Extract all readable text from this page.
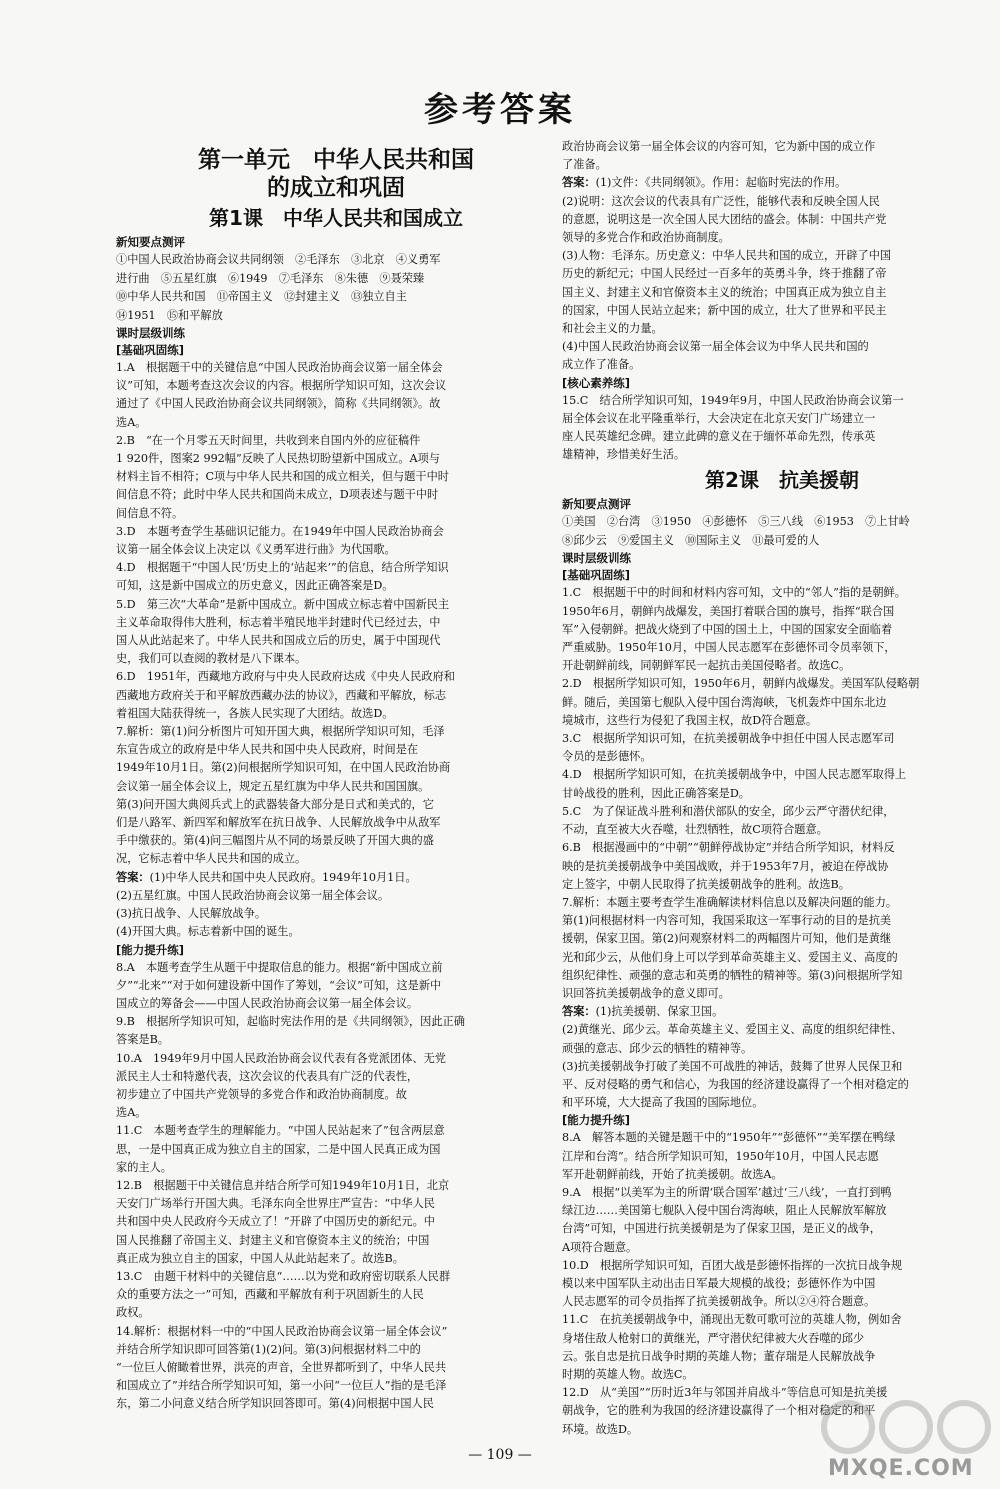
参考答案
第一单元　中华人民共和国
的成立和巩固
第1课　中华人民共和国成立
新知要点测评
①中国人民政治协商会议共同纲领　②毛泽东　③北京　④义勇军
进行曲　⑤五星红旗　⑥1949　⑦毛泽东　⑧朱德　⑨聂荣臻
⑩中华人民共和国　⑪帝国主义　⑫封建主义　⑬独立自主
⑭1951　⑮和平解放
课时层级训练
[基础巩固练]
1.A　根据题干中的关键信息“中国人民政治协商会议第一届全体会
议”可知，本题考查这次会议的内容。根据所学知识可知，这次会议
通过了《中国人民政治协商会议共同纲领》，简称《共同纲领》。故
选A。
2.B　“在一个月零五天时间里，共收到来自国内外的应征稿件
1 920件，图案2 992幅”反映了人民热切盼望新中国成立。A项与
材料主旨不相符；C项与中华人民共和国的成立相关，但与题干中时
间信息不符；此时中华人民共和国尚未成立，D项表述与题干中时
间信息不符。
3.D　本题考查学生基础识记能力。在1949年中国人民政治协商会
议第一届全体会议上决定以《义勇军进行曲》为代国歌。
4.D　根据题干“中国人民’历史上的‘站起来’”的信息，结合所学知识
可知，这是新中国成立的历史意义，因此正确答案是D。
5.D　第三次“大革命”是新中国成立。新中国成立标志着中国新民主
主义革命取得伟大胜利，标志着半殖民地半封建时代已经过去，中
国人从此站起来了。中华人民共和国成立后的历史，属于中国现代
史，我们可以查阅的教材是八下课本。
6.D　1951年，西藏地方政府与中央人民政府达成《中央人民政府和
西藏地方政府关于和平解放西藏办法的协议》，西藏和平解放，标志
着祖国大陆获得统一，各族人民实现了大团结。故选D。
7.解析：第(1)问分析图片可知开国大典，根据所学知识可知，毛泽
东宣告成立的政府是中华人民共和国中央人民政府，时间是在
1949年10月1日。第(2)问根据所学知识可知，在中国人民政治协商
会议第一届全体会议上，规定五星红旗为中华人民共和国国旗。
第(3)问开国大典阅兵式上的武器装备大部分是日式和美式的，它
们是八路军、新四军和解放军在抗日战争、人民解放战争中从敌军
手中缴获的。第(4)问三幅图片从不同的场景反映了开国大典的盛
况，它标志着中华人民共和国的成立。
答案：(1)中华人民共和国中央人民政府。1949年10月1日。
(2)五星红旗。中国人民政治协商会议第一届全体会议。
(3)抗日战争、人民解放战争。
(4)开国大典。标志着新中国的诞生。
[能力提升练]
8.A　本题考查学生从题干中提取信息的能力。根据“新中国成立前
夕”“北来”“对于如何建设新中国作了筹划，“会议”可知，这是新中
国成立的筹备会——中国人民政治协商会议第一届全体会议。
9.B　根据所学知识可知，起临时宪法作用的是《共同纲领》，因此正确
答案是B。
10.A　1949年9月中国人民政治协商会议代表有各党派团体、无党
派民主人士和特邀代表，这次会议的代表具有广泛的代表性，
初步建立了中国共产党领导的多党合作和政治协商制度。故
选A。
11.C　本题考查学生的理解能力。“中国人民站起来了”包含两层意
思，一是中国真正成为独立自主的国家，二是中国人民真正成为国
家的主人。
12.B　根据题干中关键信息并结合所学可知1949年10月1日，北京
天安门广场举行开国大典。毛泽东向全世界庄严宣告：“中华人民
共和国中央人民政府今天成立了！”开辟了中国历史的新纪元。中
国人民推翻了帝国主义、封建主义和官僚资本主义的统治；中国
真正成为独立自主的国家，中国人从此站起来了。故选B。
13.C　由题干材料中的关键信息“……以为党和政府密切联系人民群
众的重要方法之一”可知，西藏和平解放有利于巩固新生的人民
政权。
14.解析：根据材料一中的“中国人民政治协商会议第一届全体会议”
并结合所学知识即可回答第(1)(2)问。第(3)问根据材料二中的
“一位巨人俯瞰着世界，洪亮的声音，全世界都听到了，中华人民共
和国成立了”并结合所学知识可知，第一小问“一位巨人”指的是毛泽
东，第二小问意义结合所学知识回答即可。第(4)问根据中国人民
政治协商会议第一届全体会议的内容可知，它为新中国的成立作
了准备。
答案：(1)文件：《共同纲领》。作用：起临时宪法的作用。
(2)说明：这次会议的代表具有广泛性，能够代表和反映全国人民
的意愿，说明这是一次全国人民大团结的盛会。体制：中国共产党
领导的多党合作和政治协商制度。
(3)人物：毛泽东。历史意义：中华人民共和国的成立，开辟了中国
历史的新纪元；中国人民经过一百多年的英勇斗争，终于推翻了帝
国主义、封建主义和官僚资本主义的统治；中国真正成为独立自主
的国家，中国人民站立起来；新中国的成立，壮大了世界和平民主
和社会主义的力量。
(4)中国人民政治协商会议第一届全体会议为中华人民共和国的
成立作了准备。
[核心素养练]
15.C　结合所学知识可知，1949年9月，中国人民政治协商会议第一
届全体会议在北平隆重举行，大会决定在北京天安门广场建立一
座人民英雄纪念碑。建立此碑的意义在于缅怀革命先烈，传承英
雄精神，珍惜美好生活。
第2课　抗美援朝
新知要点测评
①美国　②台湾　③1950　④彭德怀　⑤三八线　⑥1953　⑦上甘岭
⑧邱少云　⑨爱国主义　⑩国际主义　⑪最可爱的人
课时层级训练
[基础巩固练]
1.C　根据题干中的时间和材料内容可知，文中的“邻人”指的是朝鲜。
1950年6月，朝鲜内战爆发，美国打着联合国的旗号，指挥“联合国
军”入侵朝鲜。把战火烧到了中国的国土上，中国的国家安全面临着
严重威胁。1950年10月，中国人民志愿军在彭德怀司令员率领下，
开赴朝鲜前线，同朝鲜军民一起抗击美国侵略者。故选C。
2.D　根据所学知识可知，1950年6月，朝鲜内战爆发。美国军队侵略朝
鲜。随后，美国第七舰队入侵中国台湾海峡，飞机轰炸中国东北边
境城市，这些行为侵犯了我国主权，故D符合题意。
3.C　根据所学知识可知，在抗美援朝战争中担任中国人民志愿军司
令员的是彭德怀。
4.D　根据所学知识可知，在抗美援朝战争中，中国人民志愿军取得上
甘岭战役的胜利，因此正确答案是D。
5.C　为了保证战斗胜利和潜伏部队的安全，邱少云严守潜伏纪律，
不动，直至被大火吞噬，壮烈牺牲，故C项符合题意。
6.B　根据漫画中的“中朝”“朝鲜停战协定”并结合所学知识，材料反
映的是抗美援朝战争中美国战败，并于1953年7月，被迫在停战协
定上签字，中朝人民取得了抗美援朝战争的胜利。故选B。
7.解析：本题主要考查学生准确解读材料信息以及解决问题的能力。
第(1)问根据材料一内容可知，我国采取这一军事行动的目的是抗美
援朝，保家卫国。第(2)问观察材料二的两幅图片可知，他们是黄继
光和邱少云，从他们身上可以学到革命英雄主义、爱国主义、高度的
组织纪律性、顽强的意志和英勇的牺牲的精神等。第(3)问根据所学知
识回答抗美援朝战争的意义即可。
答案：(1)抗美援朝、保家卫国。
(2)黄继光、邱少云。革命英雄主义、爱国主义、高度的组织纪律性、
顽强的意志、邱少云的牺牲的精神等。
(3)抗美援朝战争打破了美国不可战胜的神话，鼓舞了世界人民保卫和
平、反对侵略的勇气和信心，为我国的经济建设赢得了一个相对稳定的
和平环境，大大提高了我国的国际地位。
[能力提升练]
8.A　解答本题的关键是题干中的“1950年”“彭德怀”“美军摆在鸭绿
江岸和台湾”。结合所学知识可知，1950年10月，中国人民志愿
军开赴朝鲜前线，开始了抗美援朝。故选A。
9.A　根据“以美军为主的所谓‘联合国军’越过‘三八线’，一直打到鸭
绿江边……美国第七舰队入侵中国台湾海峡，阻止人民解放军解放
台湾”可知，中国进行抗美援朝是为了保家卫国，是正义的战争，
A项符合题意。
10.D　根据所学知识可知，百团大战是彭德怀指挥的一次抗日战争规
模以来中国军队主动出击日军最大规模的战役；彭德怀作为中国
人民志愿军的司令员指挥了抗美援朝战争。所以②④符合题意。
11.C　在抗美援朝战争中，涌现出无数可歌可泣的英雄人物，例如舍
身堵住敌人枪射口的黄继光，严守潜伏纪律被大火吞噬的邱少
云。张自忠是抗日战争时期的英雄人物；董存瑞是人民解放战争
时期的英雄人物。故选C。
12.D　从“美国”“历时近3年与邻国并肩战斗”等信息可知是抗美援
朝战争，它的胜利为我国的经济建设赢得了一个相对稳定的和平
环境。故选D。
— 109 —
MXQE.COM
